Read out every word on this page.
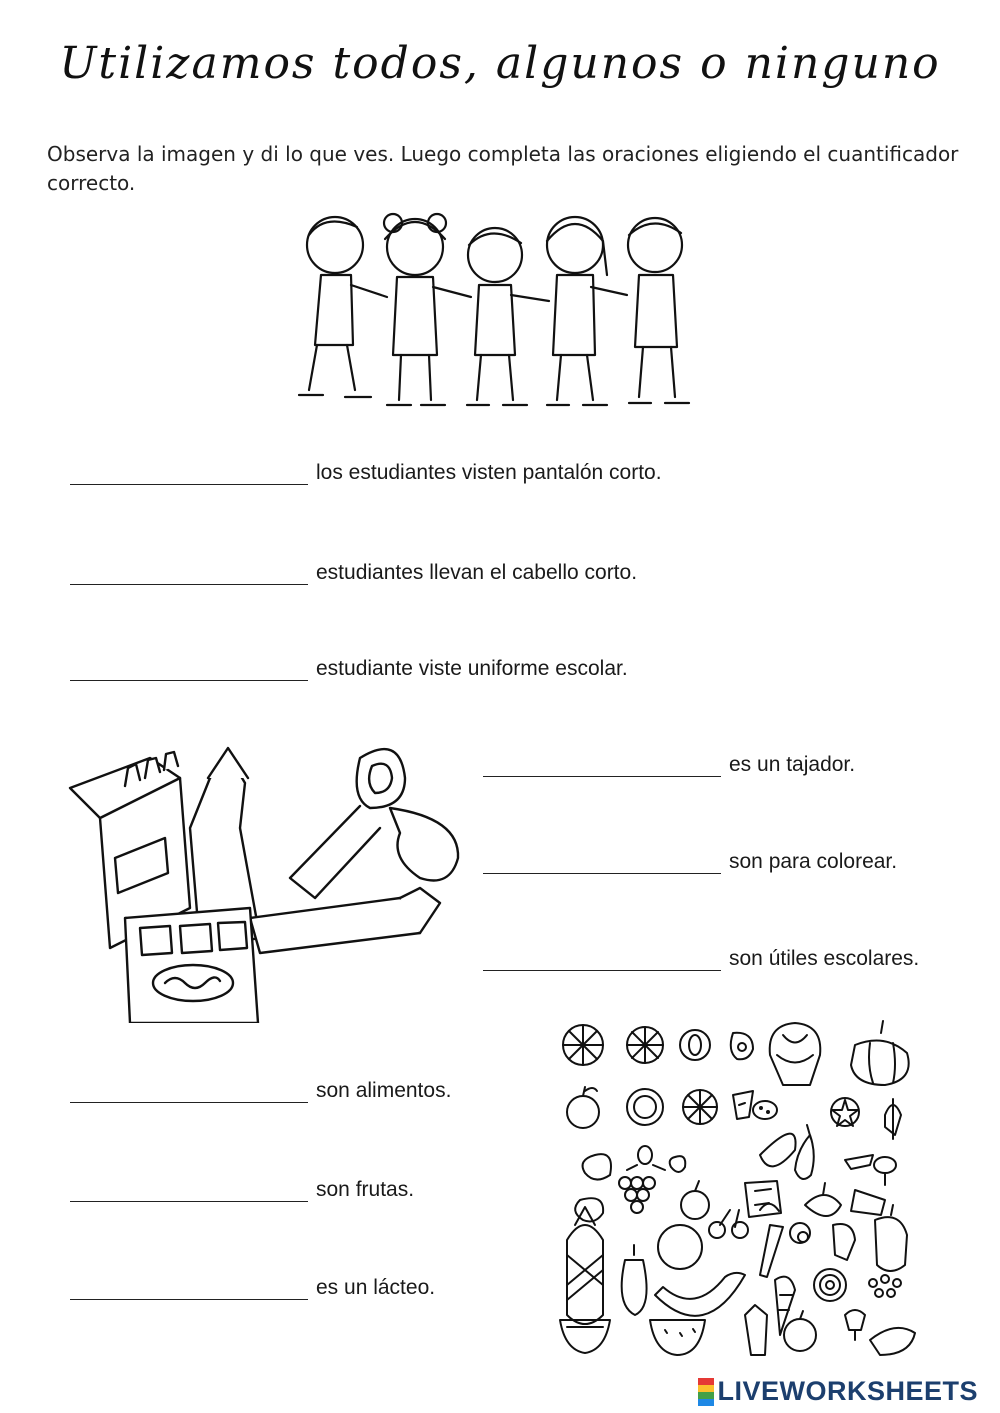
Utilizamos todos, algunos o ninguno
Observa la imagen y di lo que ves. Luego completa las oraciones eligiendo el cuantificador correcto.
los estudiantes visten pantalón corto.
estudiantes llevan el cabello corto.
estudiante viste uniforme escolar.
es un tajador.
son para colorear.
son útiles escolares.
son alimentos.
son frutas.
es un lácteo.
LIVEWORKSHEETS
